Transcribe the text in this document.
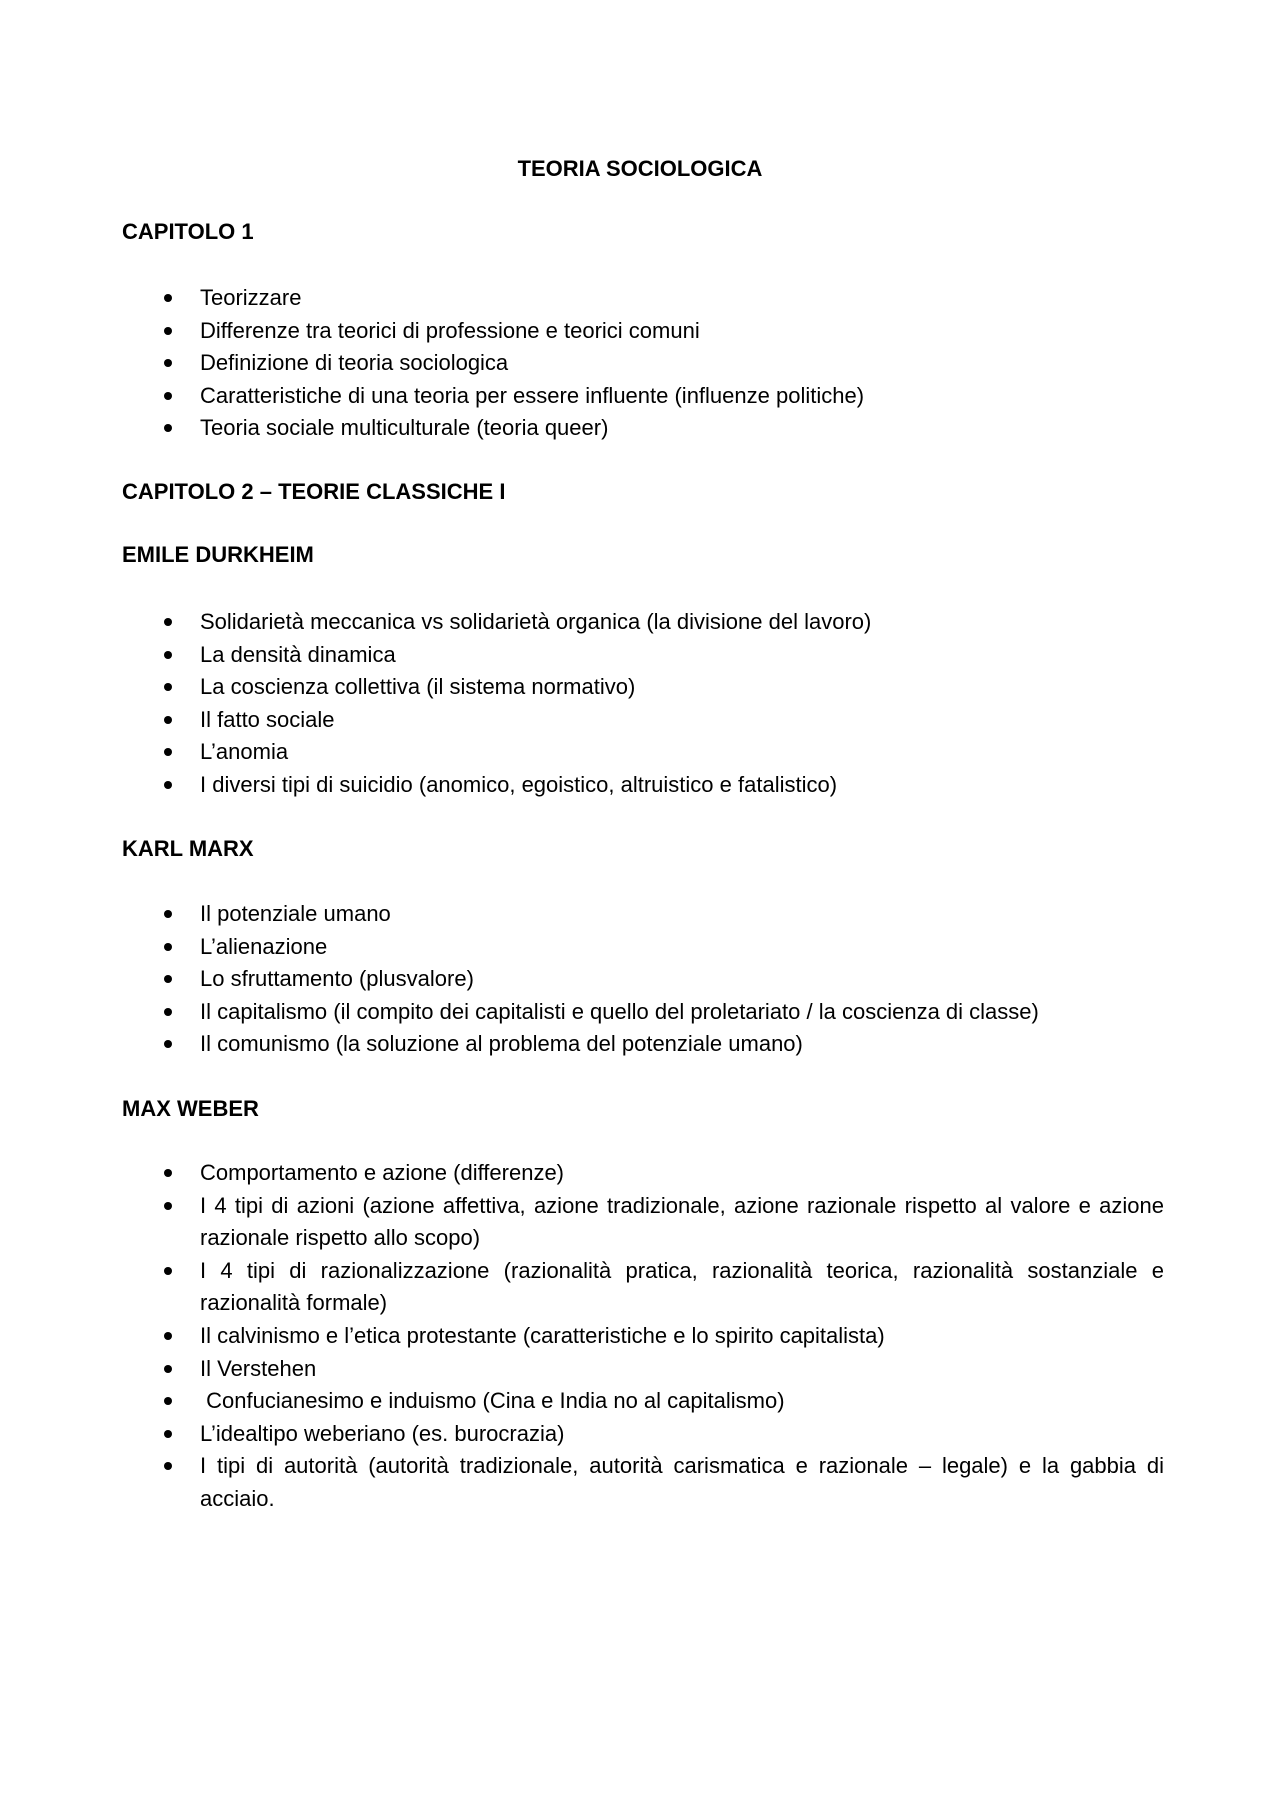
TEORIA SOCIOLOGICA
CAPITOLO 1
Teorizzare
Differenze tra teorici di professione e teorici comuni
Definizione di teoria sociologica
Caratteristiche di una teoria per essere influente (influenze politiche)
Teoria sociale multiculturale (teoria queer)
CAPITOLO 2 – TEORIE CLASSICHE I
EMILE DURKHEIM
Solidarietà meccanica vs solidarietà organica (la divisione del lavoro)
La densità dinamica
La coscienza collettiva (il sistema normativo)
Il fatto sociale
L’anomia
I diversi tipi di suicidio (anomico, egoistico, altruistico e fatalistico)
KARL MARX
Il potenziale umano
L’alienazione
Lo sfruttamento (plusvalore)
Il capitalismo (il compito dei capitalisti e quello del proletariato / la coscienza di classe)
Il comunismo (la soluzione al problema del potenziale umano)
MAX WEBER
Comportamento e azione (differenze)
I 4 tipi di azioni (azione affettiva, azione tradizionale, azione razionale rispetto al valore e azione razionale rispetto allo scopo)
I 4 tipi di razionalizzazione (razionalità pratica, razionalità teorica, razionalità sostanziale e razionalità formale)
Il calvinismo e l’etica protestante (caratteristiche e lo spirito capitalista)
Il Verstehen
Confucianesimo e induismo (Cina e India no al capitalismo)
L’idealtipo weberiano (es. burocrazia)
I tipi di autorità (autorità tradizionale, autorità carismatica e razionale – legale) e la gabbia di acciaio.
